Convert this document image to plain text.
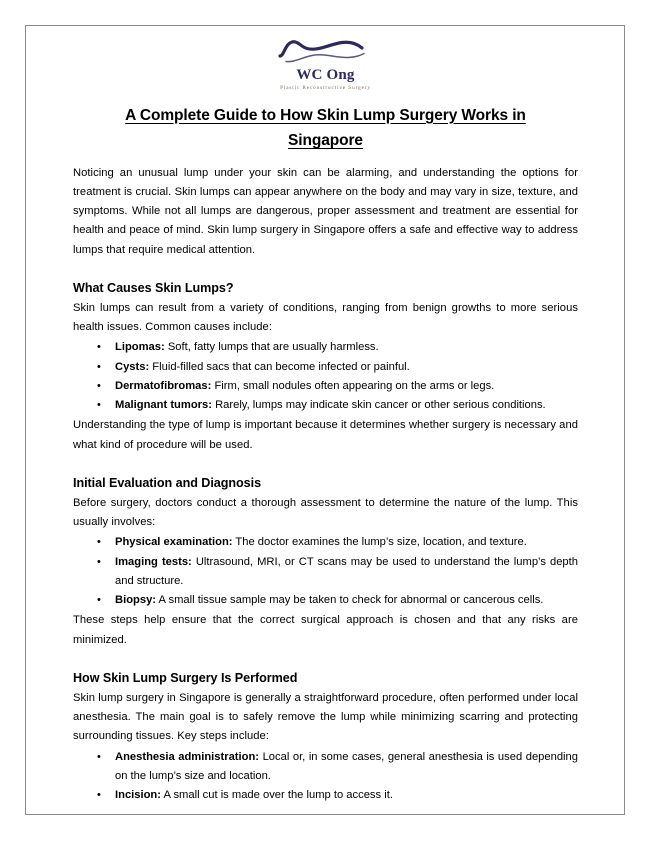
WC Ong
Plastic Reconstructive Surgery
A Complete Guide to How Skin Lump Surgery Works in
Singapore

Noticing an unusual lump under your skin can be alarming, and understanding the options for treatment is crucial. Skin lumps can appear anywhere on the body and may vary in size, texture, and symptoms. While not all lumps are dangerous, proper assessment and treatment are essential for health and peace of mind. Skin lump surgery in Singapore offers a safe and effective way to address lumps that require medical attention.

What Causes Skin Lumps?

Skin lumps can result from a variety of conditions, ranging from benign growths to more serious health issues. Common causes include:

• Lipomas: Soft, fatty lumps that are usually harmless.
• Cysts: Fluid-filled sacs that can become infected or painful.
• Dermatofibromas: Firm, small nodules often appearing on the arms or legs.
• Malignant tumors: Rarely, lumps may indicate skin cancer or other serious conditions.

Understanding the type of lump is important because it determines whether surgery is necessary and what kind of procedure will be used.

Initial Evaluation and Diagnosis

Before surgery, doctors conduct a thorough assessment to determine the nature of the lump. This usually involves:

• Physical examination: The doctor examines the lump’s size, location, and texture.
• Imaging tests: Ultrasound, MRI, or CT scans may be used to understand the lump’s depth and structure.
• Biopsy: A small tissue sample may be taken to check for abnormal or cancerous cells.

These steps help ensure that the correct surgical approach is chosen and that any risks are minimized.

How Skin Lump Surgery Is Performed

Skin lump surgery in Singapore is generally a straightforward procedure, often performed under local anesthesia. The main goal is to safely remove the lump while minimizing scarring and protecting surrounding tissues. Key steps include:

• Anesthesia administration: Local or, in some cases, general anesthesia is used depending on the lump’s size and location.
• Incision: A small cut is made over the lump to access it.
